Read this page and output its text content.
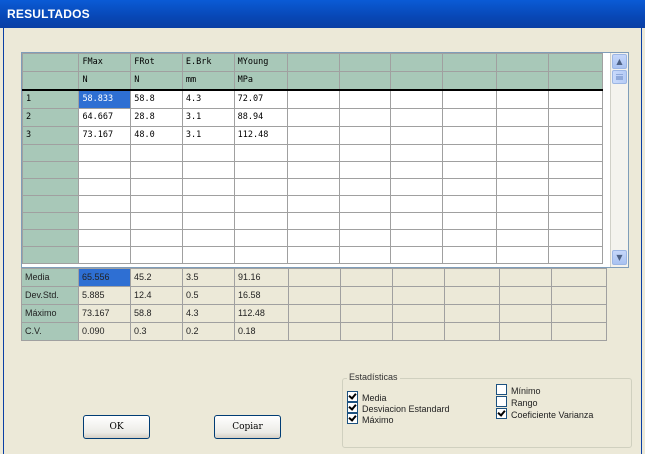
RESULTADOS
	FMax	FRot	E.Brk	MYoung						
	N	N	mm	MPa						
1	58.833	58.8	4.3	72.07						
2	64.667	28.8	3.1	88.94						
3	73.167	48.0	3.1	112.48						

▲
▼
Media	65.556	45.2	3.5	91.16						
Dev.Std.	5.885	12.4	0.5	16.58						
Máximo	73.167	58.8	4.3	112.48						
C.V.	0.090	0.3	0.2	0.18						
OK	Copiar
Estadísticas
Media
Desviacion Estandard
Máximo
Mínimo
Rango
Coeficiente Varianza
